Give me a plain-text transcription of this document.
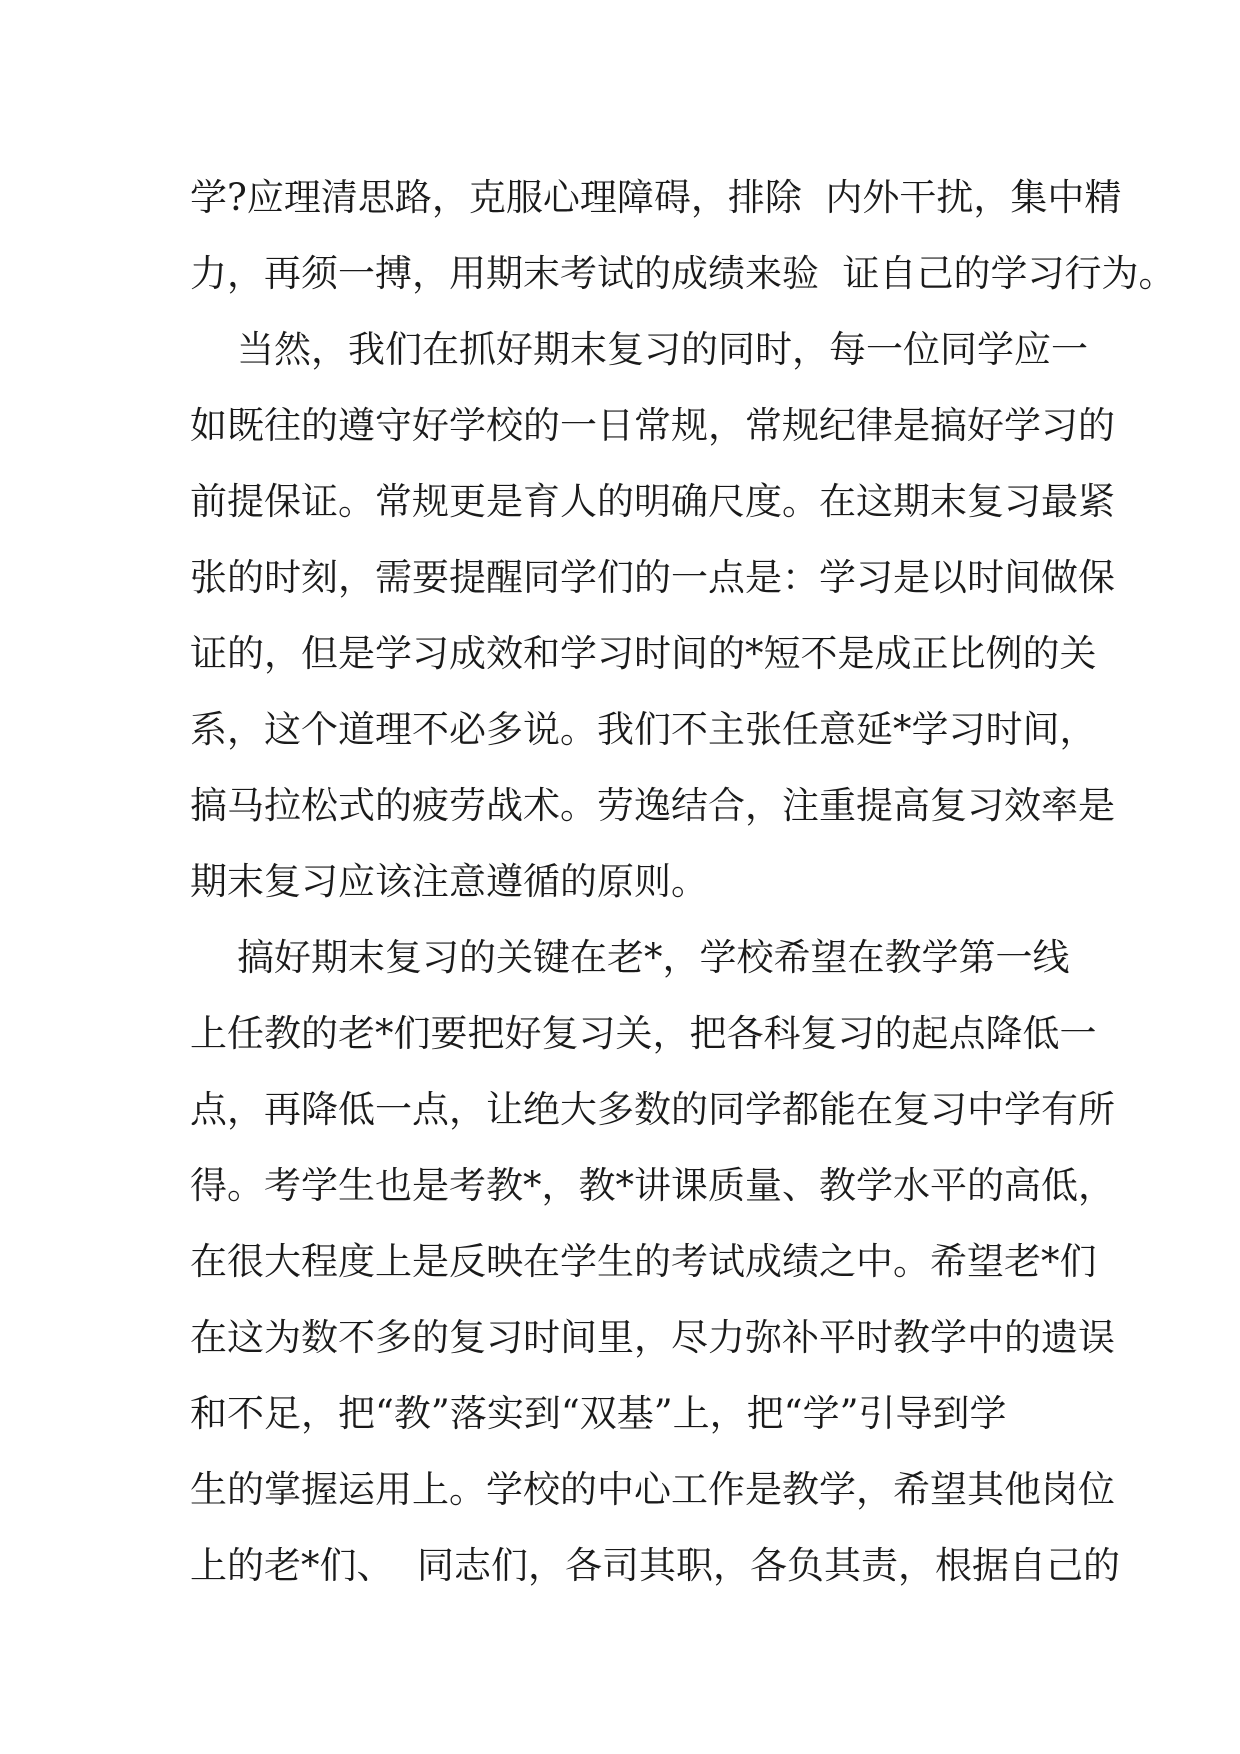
学?应理清思路，克服心理障碍，排除  内外干扰，集中精
力，再须一搏，用期末考试的成绩来验  证自己的学习行为。
当然，我们在抓好期末复习的同时，每一位同学应一
如既往的遵守好学校的一日常规，常规纪律是搞好学习的
前提保证。常规更是育人的明确尺度。在这期末复习最紧
张的时刻，需要提醒同学们的一点是：学习是以时间做保
证的，但是学习成效和学习时间的*短不是成正比例的关
系，这个道理不必多说。我们不主张任意延*学习时间，
搞马拉松式的疲劳战术。劳逸结合，注重提高复习效率是
期末复习应该注意遵循的原则。
搞好期末复习的关键在老*，学校希望在教学第一线
上任教的老*们要把好复习关，把各科复习的起点降低一
点，再降低一点，让绝大多数的同学都能在复习中学有所
得。考学生也是考教*，教*讲课质量、教学水平的高低，
在很大程度上是反映在学生的考试成绩之中。希望老*们
在这为数不多的复习时间里，尽力弥补平时教学中的遗误
和不足，把“教”落实到“双基”上，把“学”引导到学
生的掌握运用上。学校的中心工作是教学，希望其他岗位
上的老*们、  同志们，各司其职，各负其责，根据自己的
